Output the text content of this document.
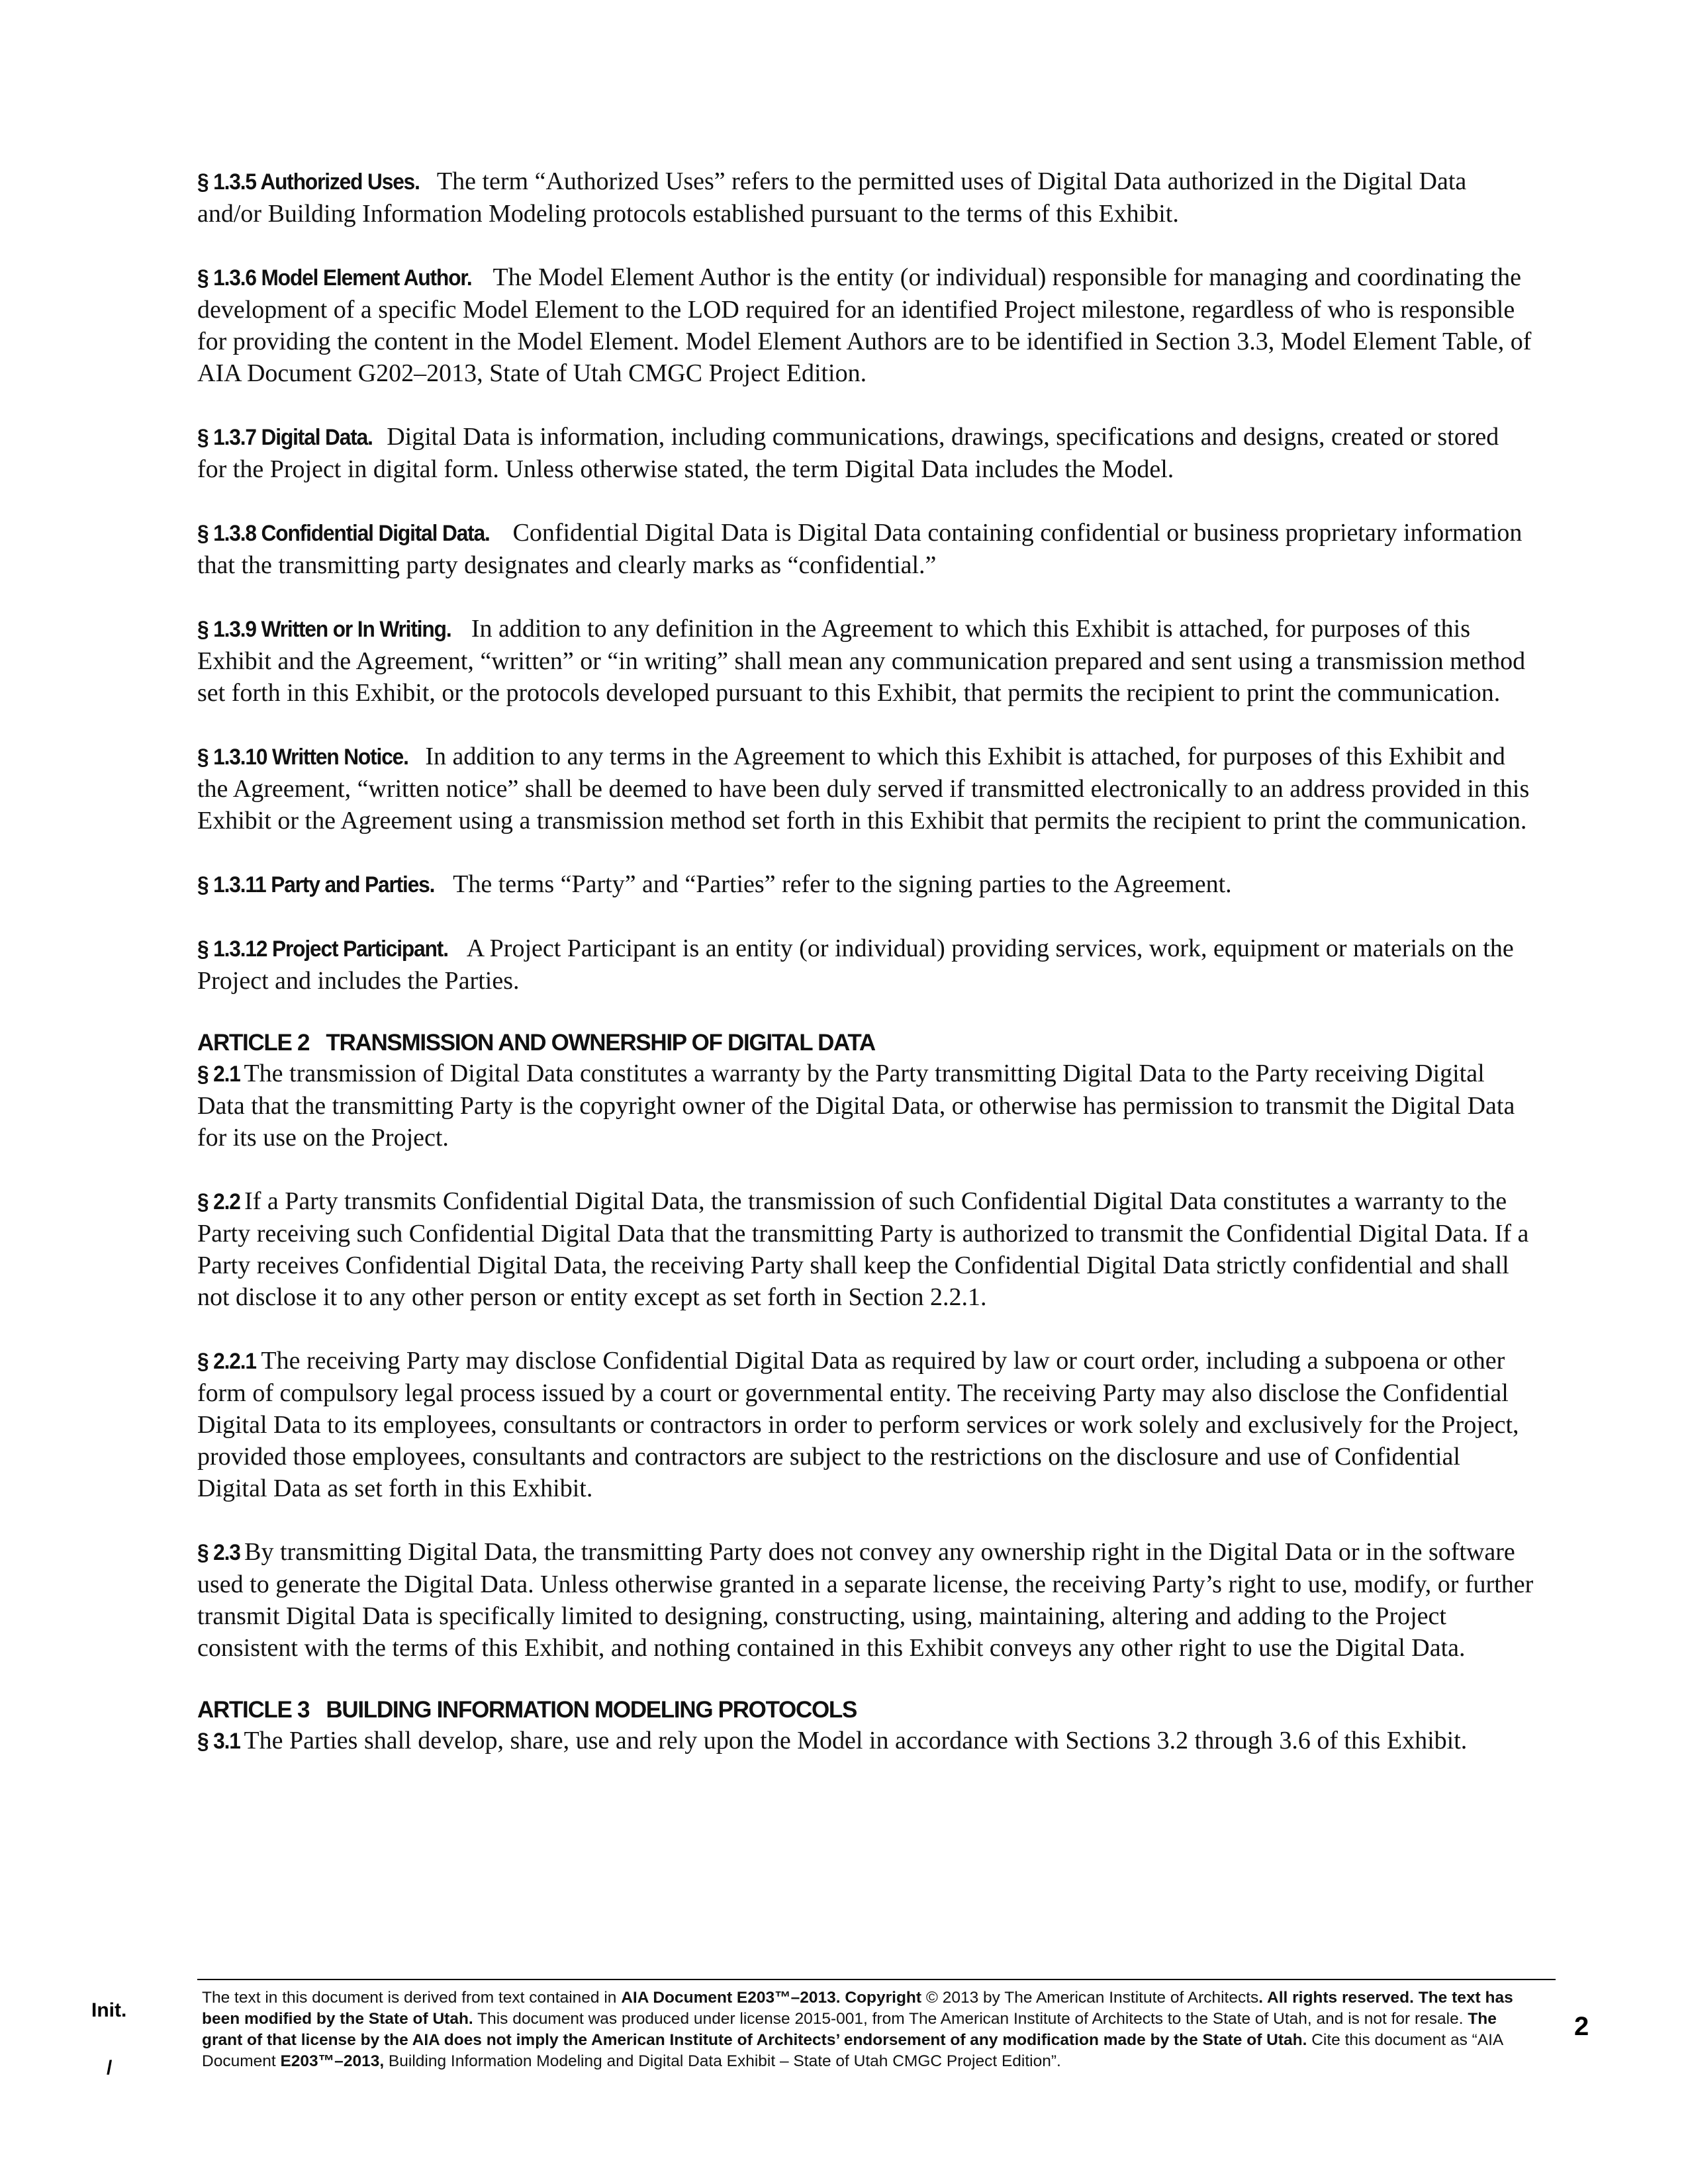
§ 1.3.5 Authorized Uses. The term “Authorized Uses” refers to the permitted uses of Digital Data authorized in the Digital Data and/or Building Information Modeling protocols established pursuant to the terms of this Exhibit.

§ 1.3.6 Model Element Author. The Model Element Author is the entity (or individual) responsible for managing and coordinating the development of a specific Model Element to the LOD required for an identified Project milestone, regardless of who is responsible for providing the content in the Model Element. Model Element Authors are to be identified in Section 3.3, Model Element Table, of AIA Document G202–2013, State of Utah CMGC Project Edition.

§ 1.3.7 Digital Data. Digital Data is information, including communications, drawings, specifications and designs, created or stored for the Project in digital form. Unless otherwise stated, the term Digital Data includes the Model.

§ 1.3.8 Confidential Digital Data. Confidential Digital Data is Digital Data containing confidential or business proprietary information that the transmitting party designates and clearly marks as “confidential.”

§ 1.3.9 Written or In Writing. In addition to any definition in the Agreement to which this Exhibit is attached, for purposes of this Exhibit and the Agreement, “written” or “in writing” shall mean any communication prepared and sent using a transmission method set forth in this Exhibit, or the protocols developed pursuant to this Exhibit, that permits the recipient to print the communication.

§ 1.3.10 Written Notice. In addition to any terms in the Agreement to which this Exhibit is attached, for purposes of this Exhibit and the Agreement, “written notice” shall be deemed to have been duly served if transmitted electronically to an address provided in this Exhibit or the Agreement using a transmission method set forth in this Exhibit that permits the recipient to print the communication.

§ 1.3.11 Party and Parties. The terms “Party” and “Parties” refer to the signing parties to the Agreement.

§ 1.3.12 Project Participant. A Project Participant is an entity (or individual) providing services, work, equipment or materials on the Project and includes the Parties.

ARTICLE 2   TRANSMISSION AND OWNERSHIP OF DIGITAL DATA

§ 2.1 The transmission of Digital Data constitutes a warranty by the Party transmitting Digital Data to the Party receiving Digital Data that the transmitting Party is the copyright owner of the Digital Data, or otherwise has permission to transmit the Digital Data for its use on the Project.

§ 2.2 If a Party transmits Confidential Digital Data, the transmission of such Confidential Digital Data constitutes a warranty to the Party receiving such Confidential Digital Data that the transmitting Party is authorized to transmit the Confidential Digital Data. If a Party receives Confidential Digital Data, the receiving Party shall keep the Confidential Digital Data strictly confidential and shall not disclose it to any other person or entity except as set forth in Section 2.2.1.

§ 2.2.1 The receiving Party may disclose Confidential Digital Data as required by law or court order, including a subpoena or other form of compulsory legal process issued by a court or governmental entity. The receiving Party may also disclose the Confidential Digital Data to its employees, consultants or contractors in order to perform services or work solely and exclusively for the Project, provided those employees, consultants and contractors are subject to the restrictions on the disclosure and use of Confidential Digital Data as set forth in this Exhibit.

§ 2.3 By transmitting Digital Data, the transmitting Party does not convey any ownership right in the Digital Data or in the software used to generate the Digital Data. Unless otherwise granted in a separate license, the receiving Party’s right to use, modify, or further transmit Digital Data is specifically limited to designing, constructing, using, maintaining, altering and adding to the Project consistent with the terms of this Exhibit, and nothing contained in this Exhibit conveys any other right to use the Digital Data.

ARTICLE 3   BUILDING INFORMATION MODELING PROTOCOLS

§ 3.1 The Parties shall develop, share, use and rely upon the Model in accordance with Sections 3.2 through 3.6 of this Exhibit.

Init.
/
The text in this document is derived from text contained in AIA Document E203™–2013. Copyright © 2013 by The American Institute of Architects. All rights reserved. The text has been modified by the State of Utah. This document was produced under license 2015-001, from The American Institute of Architects to the State of Utah, and is not for resale. The grant of that license by the AIA does not imply the American Institute of Architects’ endorsement of any modification made by the State of Utah. Cite this document as “AIA Document E203™–2013, Building Information Modeling and Digital Data Exhibit – State of Utah CMGC Project Edition”.
2
